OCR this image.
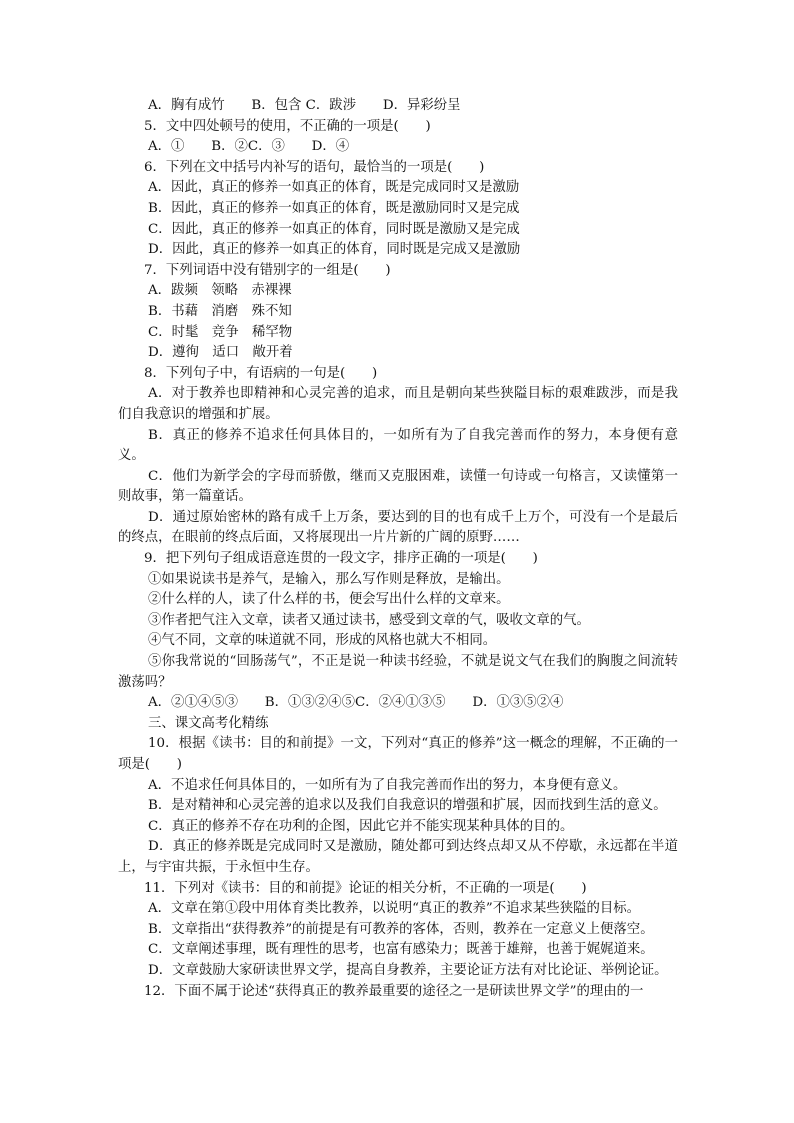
A．胸有成竹　　B．包含 C．跋涉　　D．异彩纷呈
5．文中四处顿号的使用，不正确的一项是(　　)
A．①　　B．②C．③　　D．④
6．下列在文中括号内补写的语句，最恰当的一项是(　　)
A．因此，真正的修养一如真正的体育，既是完成同时又是激励
B．因此，真正的修养一如真正的体育，既是激励同时又是完成
C．因此，真正的修养一如真正的体育，同时既是激励又是完成
D．因此，真正的修养一如真正的体育，同时既是完成又是激励
7．下列词语中没有错别字的一组是(　　)
A．跋频　领略　赤裸裸
B．书藉　消磨　殊不知
C．时髦　竞争　稀罕物
D．遵徇　适口　敞开着
8．下列句子中，有语病的一句是(　　)
A．对于教养也即精神和心灵完善的追求，而且是朝向某些狭隘目标的艰难跋涉，而是我们自我意识的增强和扩展。
B．真正的修养不追求任何具体目的，一如所有为了自我完善而作的努力，本身便有意义。
C．他们为新学会的字母而骄傲，继而又克服困难，读懂一句诗或一句格言，又读懂第一则故事，第一篇童话。
D．通过原始密林的路有成千上万条，要达到的目的也有成千上万个，可没有一个是最后的终点，在眼前的终点后面，又将展现出一片片新的广阔的原野……
9．把下列句子组成语意连贯的一段文字，排序正确的一项是(　　)
①如果说读书是养气，是输入，那么写作则是释放，是输出。
②什么样的人，读了什么样的书，便会写出什么样的文章来。
③作者把气注入文章，读者又通过读书，感受到文章的气，吸收文章的气。
④气不同，文章的味道就不同，形成的风格也就大不相同。
⑤你我常说的“回肠荡气”，不正是说一种读书经验，不就是说文气在我们的胸腹之间流转激荡吗？
A．②①④⑤③　　B．①③②④⑤C．②④①③⑤　　D．①③⑤②④
三、课文高考化精练
10．根据《读书：目的和前提》一文，下列对“真正的修养”这一概念的理解，不正确的一项是(　　)
A．不追求任何具体目的，一如所有为了自我完善而作出的努力，本身便有意义。
B．是对精神和心灵完善的追求以及我们自我意识的增强和扩展，因而找到生活的意义。
C．真正的修养不存在功利的企图，因此它并不能实现某种具体的目的。
D．真正的修养既是完成同时又是激励，随处都可到达终点却又从不停歇，永远都在半道上，与宇宙共振，于永恒中生存。
11．下列对《读书：目的和前提》论证的相关分析，不正确的一项是(　　)
A．文章在第①段中用体育类比教养，以说明“真正的教养”不追求某些狭隘的目标。
B．文章指出“获得教养”的前提是有可教养的客体，否则，教养在一定意义上便落空。
C．文章阐述事理，既有理性的思考，也富有感染力；既善于雄辩，也善于娓娓道来。
D．文章鼓励大家研读世界文学，提高自身教养，主要论证方法有对比论证、举例论证。
12．下面不属于论述“获得真正的教养最重要的途径之一是研读世界文学”的理由的一
